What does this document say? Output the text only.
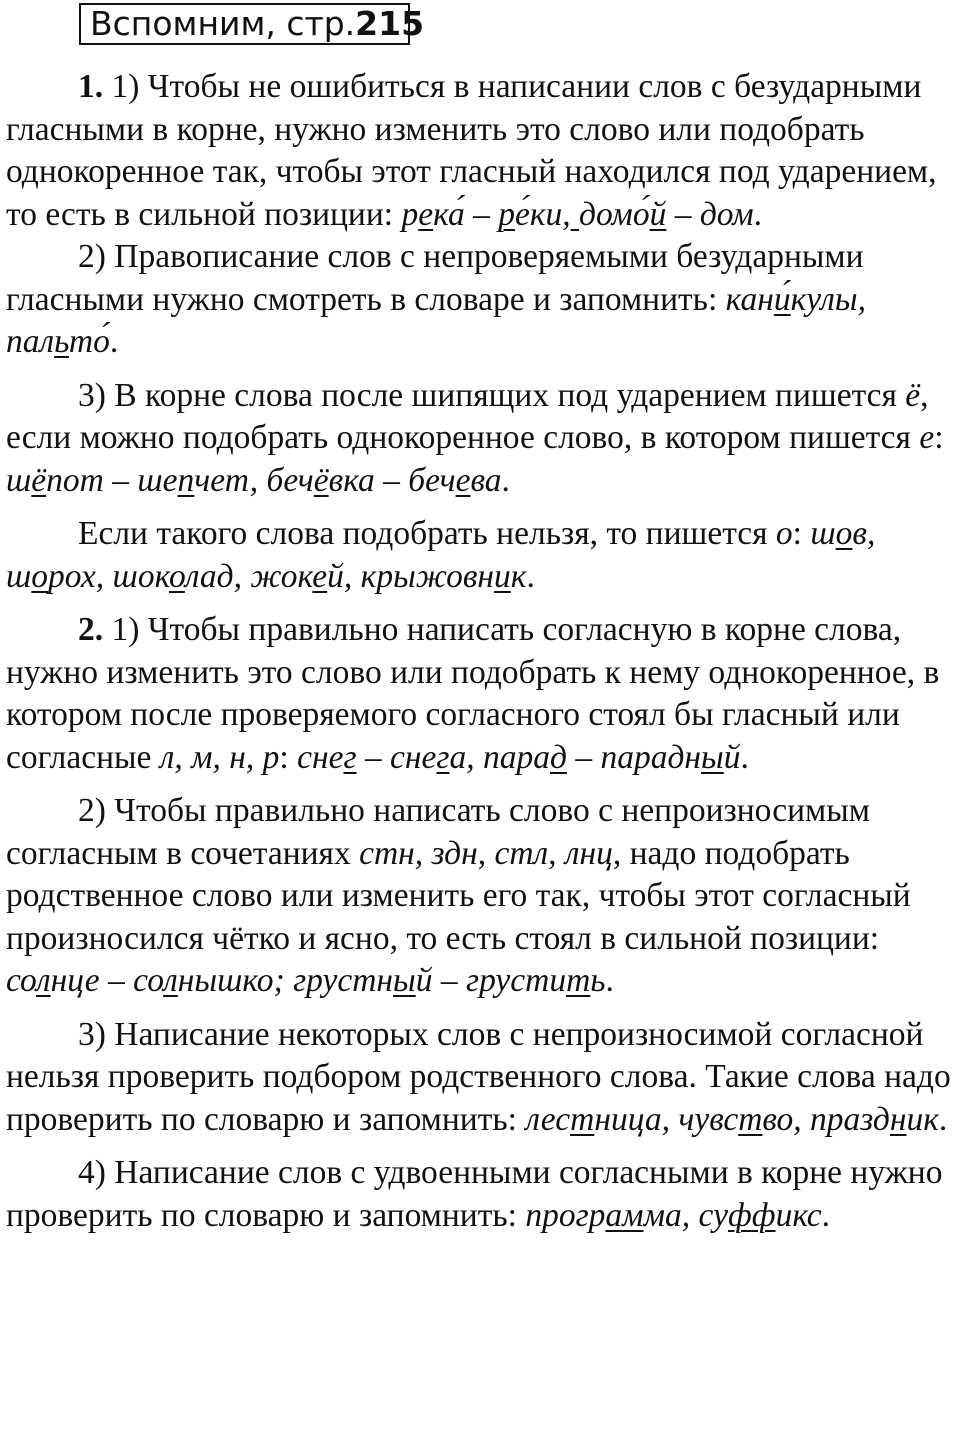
Вспомним, стр.215

1. 1) Чтобы не ошибиться в написании слов с безударными гласными в корне, нужно изменить это слово или подобрать однокоренное так, чтобы этот гласный находился под ударением, то есть в сильной позиции: река́ – ре́ки, домо́й – дом.

2) Правописание слов с непроверяемыми безударными гласными нужно смотреть в словаре и запомнить: кани́кулы, пальто́.

3) В корне слова после шипящих под ударением пишется ё, если можно подобрать однокоренное слово, в котором пишется е: шёпот – шепчет, бечёвка – бечева.

Если такого слова подобрать нельзя, то пишется о: шов, шорох, шоколад, жокей, крыжовник.

2. 1) Чтобы правильно написать согласную в корне слова, нужно изменить это слово или подобрать к нему однокоренное, в котором после проверяемого согласного стоял бы гласный или согласные л, м, н, р: снег – снега, парад – парадный.

2) Чтобы правильно написать слово с непроизносимым согласным в сочетаниях стн, здн, стл, лнц, надо подобрать родственное слово или изменить его так, чтобы этот согласный произносился чётко и ясно, то есть стоял в сильной позиции: солнце – солнышко; грустный – грустить.

3) Написание некоторых слов с непроизносимой согласной нельзя проверить подбором родственного слова. Такие слова надо проверить по словарю и запомнить: лестница, чувство, праздник.

4) Написание слов с удвоенными согласными в корне нужно проверить по словарю и запомнить: программа, суффикс.
